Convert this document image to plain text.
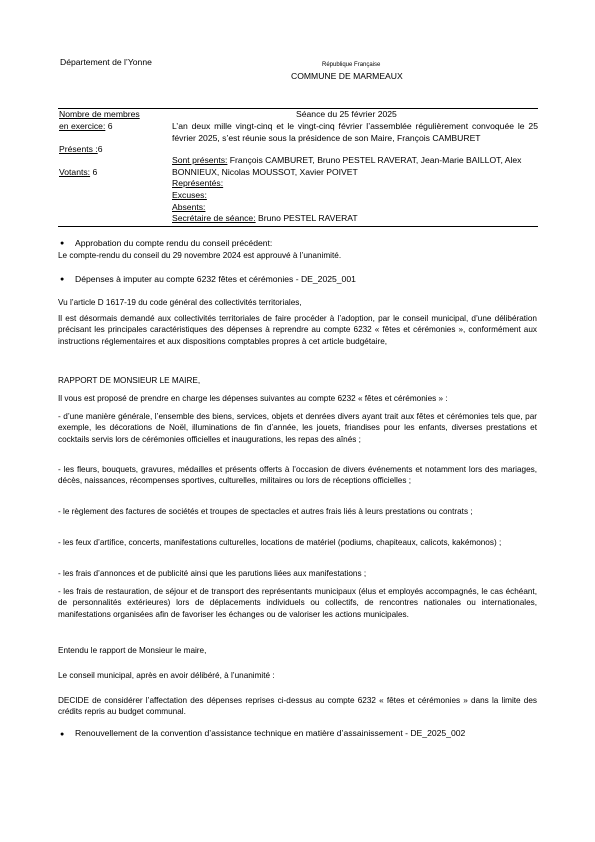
Département de l’Yonne	République Française
COMMUNE DE MARMEAUX
Nombre de membres
en exercice: 6
Présents :6
Votants: 6
Séance du 25 février 2025
L’an deux mille vingt-cinq et le vingt-cinq février l’assemblée régulièrement convoquée le 25 février 2025, s’est réunie sous la présidence de son Maire, François CAMBURET
Sont présents: François CAMBURET, Bruno PESTEL RAVERAT, Jean-Marie BAILLOT, Alex BONNIEUX, Nicolas MOUSSOT, Xavier POIVET
Représentés:
Excuses:
Absents:
Secrétaire de séance: Bruno PESTEL RAVERAT
● Approbation du compte rendu du conseil précédent:
Le compte-rendu du conseil du 29 novembre 2024 est approuvé à l’unanimité.
● Dépenses à imputer au compte 6232 fêtes et cérémonies - DE_2025_001
Vu l’article D 1617-19 du code général des collectivités territoriales,
Il est désormais demandé aux collectivités territoriales de faire procéder à l’adoption, par le conseil municipal, d’une délibération précisant les principales caractéristiques des dépenses à reprendre au compte 6232 « fêtes et cérémonies », conformément aux instructions réglementaires et aux dispositions comptables propres à cet article budgétaire,
RAPPORT DE MONSIEUR LE MAIRE,
Il vous est proposé de prendre en charge les dépenses suivantes au compte 6232 « fêtes et cérémonies » :
- d’une manière générale, l’ensemble des biens, services, objets et denrées divers ayant trait aux fêtes et cérémonies tels que, par exemple, les décorations de Noël, illuminations de fin d’année, les jouets, friandises pour les enfants, diverses prestations et cocktails servis lors de cérémonies officielles et inaugurations, les repas des aînés ;
- les fleurs, bouquets, gravures, médailles et présents offerts à l’occasion de divers événements et notamment lors des mariages, décès, naissances, récompenses sportives, culturelles, militaires ou lors de réceptions officielles ;
- le règlement des factures de sociétés et troupes de spectacles et autres frais liés à leurs prestations ou contrats ;
- les feux d’artifice, concerts, manifestations culturelles, locations de matériel (podiums, chapiteaux, calicots, kakémonos) ;
- les frais d’annonces et de publicité ainsi que les parutions liées aux manifestations ;
- les frais de restauration, de séjour et de transport des représentants municipaux (élus et employés accompagnés, le cas échéant, de personnalités extérieures) lors de déplacements individuels ou collectifs, de rencontres nationales ou internationales, manifestations organisées afin de favoriser les échanges ou de valoriser les actions municipales.
Entendu le rapport de Monsieur le maire,
Le conseil municipal, après en avoir délibéré, à l’unanimité :
DECIDE de considérer l’affectation des dépenses reprises ci-dessus au compte 6232 « fêtes et cérémonies » dans la limite des crédits repris au budget communal.
● Renouvellement de la convention d’assistance technique en matière d’assainissement - DE_2025_002
